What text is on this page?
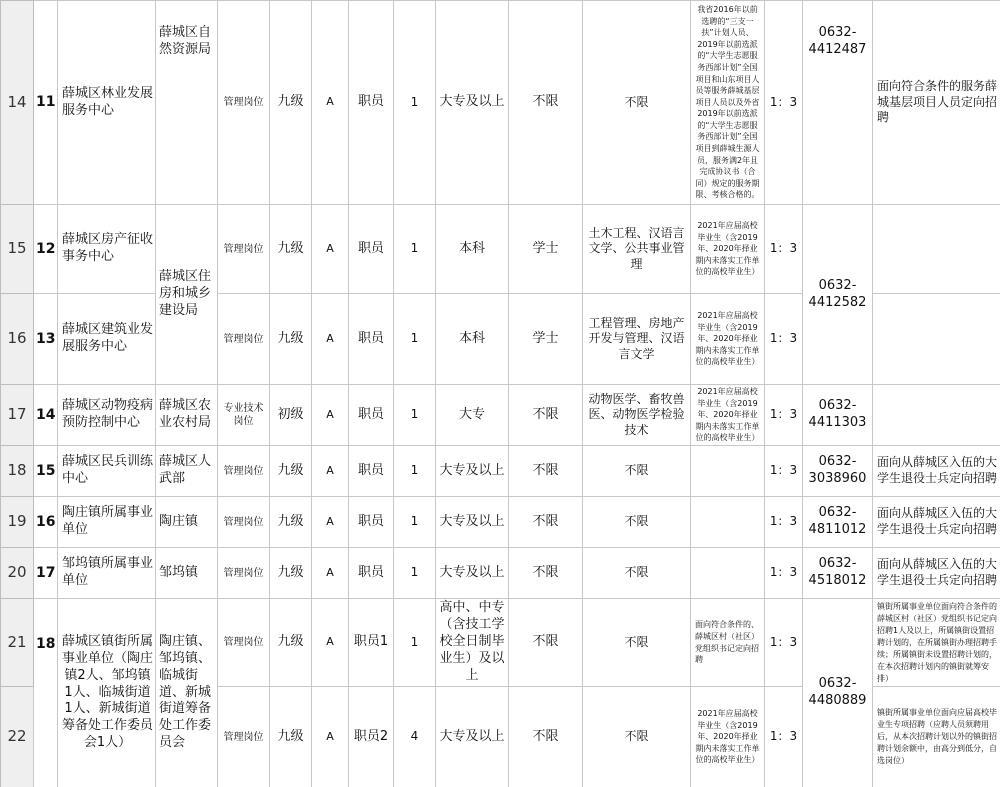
14	11	薛城区林业发展服务中心	薛城区自然资源局	管理岗位	九级	A	职员	1	大专及以上	不限	不限	我省2016年以前选聘的“三支一扶”计划人员、2019年以前选派的“大学生志愿服务西部计划”全国项目和山东项目人员等服务薛城基层项目人员以及外省2019年以前选派的“大学生志愿服务西部计划”全国项目到薛城生源人员，服务满2年且完成协议书（合同）规定的服务期限、考核合格的。	1：3	0632-4412487	面向符合条件的服务薛城基层项目人员定向招聘
15	12	薛城区房产征收事务中心	薛城区住房和城乡建设局	管理岗位	九级	A	职员	1	本科	学士	土木工程、汉语言文学、公共事业管理	2021年应届高校毕业生（含2019年、2020年择业期内未落实工作单位的高校毕业生）	1：3	0632-4412582	
16	13	薛城区建筑业发展服务中心		管理岗位	九级	A	职员	1	本科	学士	工程管理、房地产开发与管理、汉语言文学	2021年应届高校毕业生（含2019年、2020年择业期内未落实工作单位的高校毕业生）	1：3		
17	14	薛城区动物疫病预防控制中心	薛城区农业农村局	专业技术岗位	初级	A	职员	1	大专	不限	动物医学、畜牧兽医、动物医学检验技术	2021年应届高校毕业生（含2019年、2020年择业期内未落实工作单位的高校毕业生）	1：3	0632-4411303	
18	15	薛城区民兵训练中心	薛城区人武部	管理岗位	九级	A	职员	1	大专及以上	不限	不限		1：3	0632-3038960	面向从薛城区入伍的大学生退役士兵定向招聘
19	16	陶庄镇所属事业单位	陶庄镇	管理岗位	九级	A	职员	1	大专及以上	不限	不限		1：3	0632-4811012	面向从薛城区入伍的大学生退役士兵定向招聘
20	17	邹坞镇所属事业单位	邹坞镇	管理岗位	九级	A	职员	1	大专及以上	不限	不限		1：3	0632-4518012	面向从薛城区入伍的大学生退役士兵定向招聘
21	18	薛城区镇街所属事业单位（陶庄镇2人、邹坞镇1人、临城街道1人、新城街道筹备处工作委员会1人）	陶庄镇、邹坞镇、临城街道、新城街道筹备处工作委员会	管理岗位	九级	A	职员1	1	高中、中专（含技工学校全日制毕业生）及以上	不限	不限	面向符合条件的、薛城区村（社区）党组织书记定向招聘	1：3	0632-4480889	镇街所属事业单位面向符合条件的薛城区村（社区）党组织书记定向招聘1人及以上，所属镇街设置招聘计划的，在所属镇街办理招聘手续；所属镇街未设置招聘计划的，在本次招聘计划内的镇街就筹安排）
22				管理岗位	九级	A	职员2	4	大专及以上	不限	不限	2021年应届高校毕业生（含2019年、2020年择业期内未落实工作单位的高校毕业生）	1：3		镇街所属事业单位面向应届高校毕业生专项招聘（应聘人员须聘用后，从本次招聘计划以外的镇街招聘计划余额中，由高分到低分，自选岗位）
